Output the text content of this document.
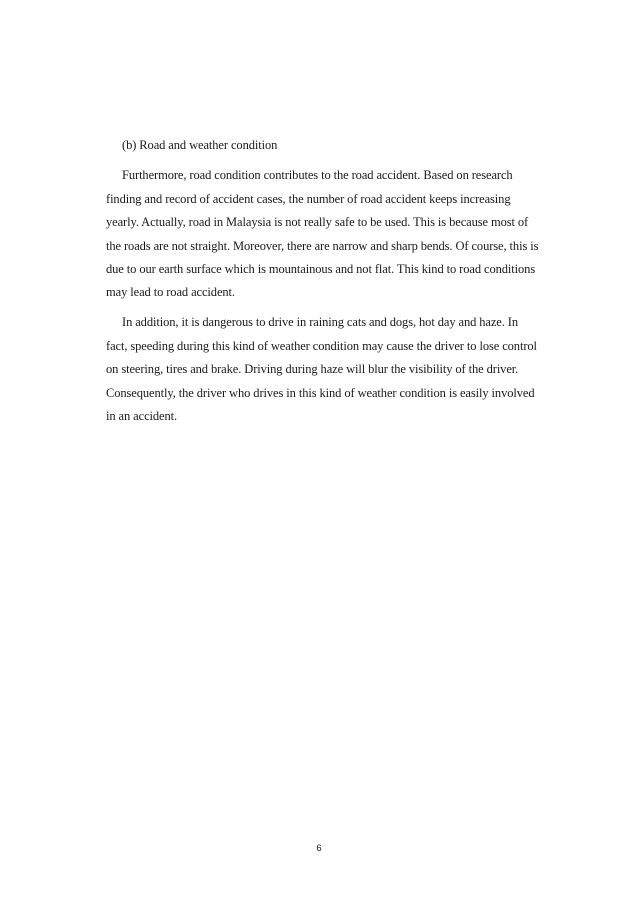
(b) Road and weather condition
Furthermore, road condition contributes to the road accident. Based on research
finding and record of accident cases, the number of road accident keeps increasing
yearly. Actually, road in Malaysia is not really safe to be used. This is because most of
the roads are not straight. Moreover, there are narrow and sharp bends. Of course, this is
due to our earth surface which is mountainous and not flat. This kind to road conditions
may lead to road accident.
In addition, it is dangerous to drive in raining cats and dogs, hot day and haze. In
fact, speeding during this kind of weather condition may cause the driver to lose control
on steering, tires and brake. Driving during haze will blur the visibility of the driver.
Consequently, the driver who drives in this kind of weather condition is easily involved
in an accident.
6
